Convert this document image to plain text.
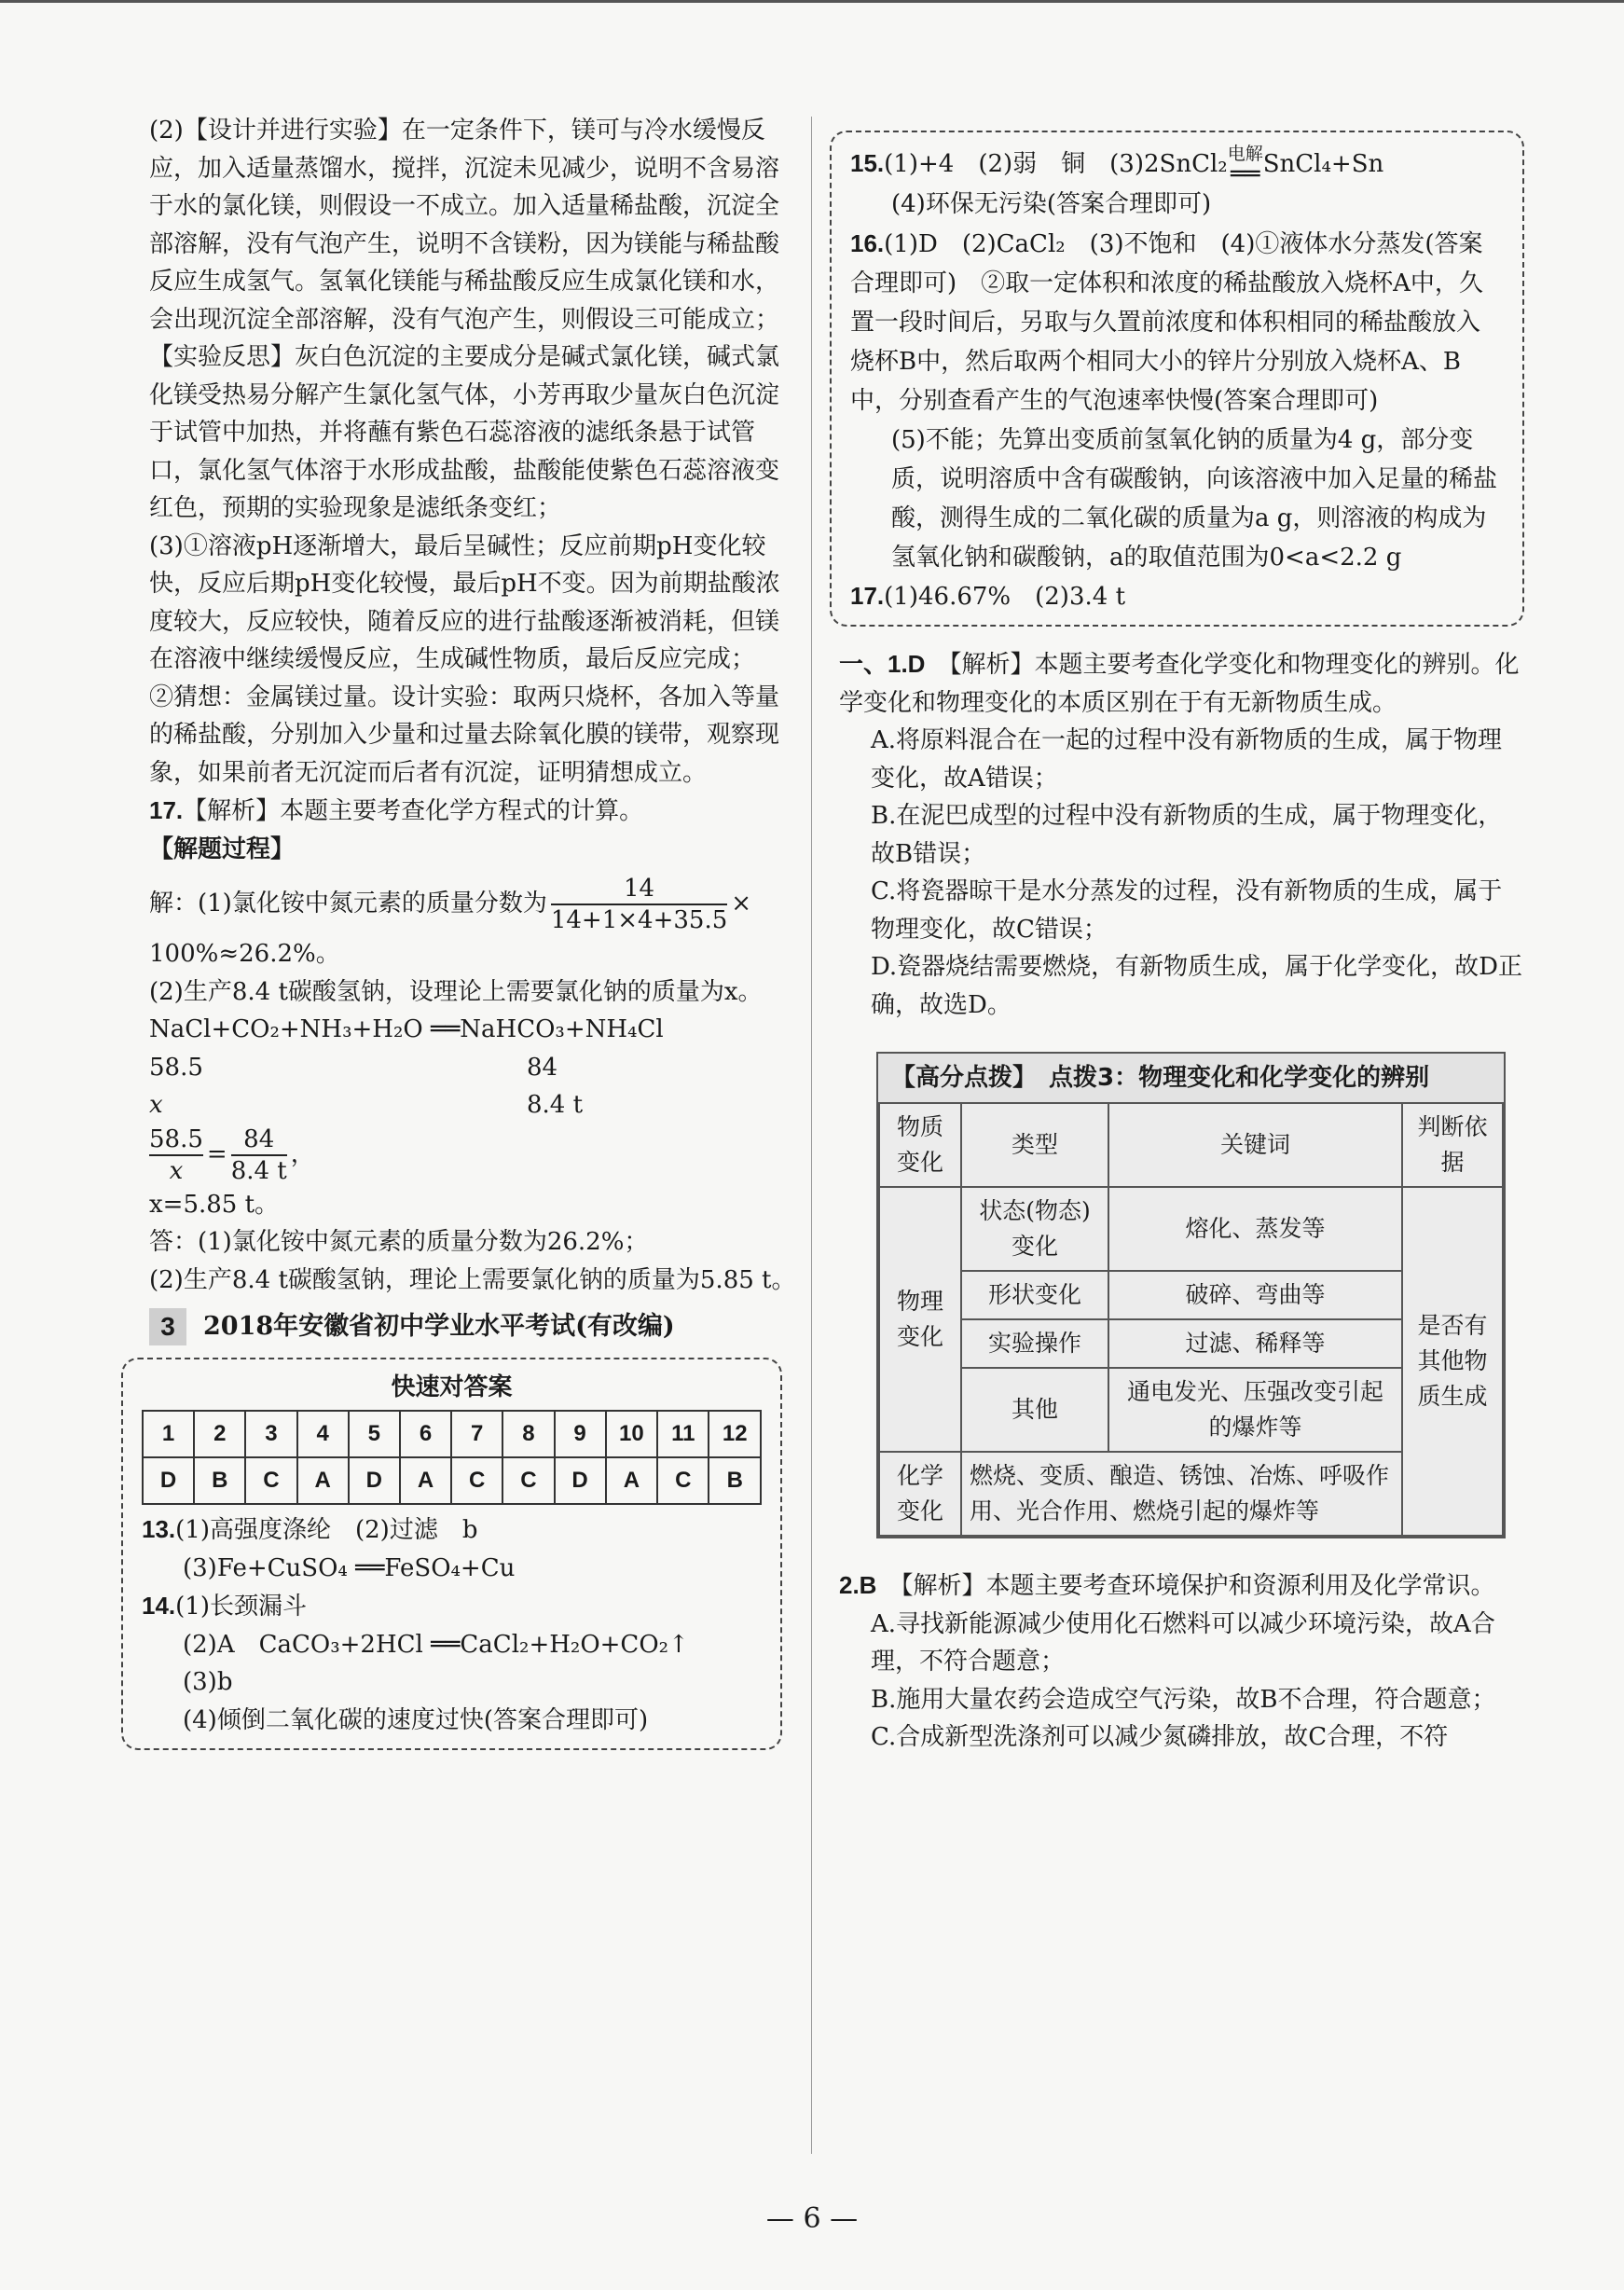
(2)【设计并进行实验】在一定条件下，镁可与冷水缓慢反应，加入适量蒸馏水，搅拌，沉淀未见减少，说明不含易溶于水的氯化镁，则假设一不成立。加入适量稀盐酸，沉淀全部溶解，没有气泡产生，说明不含镁粉，因为镁能与稀盐酸反应生成氢气。氢氧化镁能与稀盐酸反应生成氯化镁和水，会出现沉淀全部溶解，没有气泡产生，则假设三可能成立；

【实验反思】灰白色沉淀的主要成分是碱式氯化镁，碱式氯化镁受热易分解产生氯化氢气体，小芳再取少量灰白色沉淀于试管中加热，并将蘸有紫色石蕊溶液的滤纸条悬于试管口，氯化氢气体溶于水形成盐酸，盐酸能使紫色石蕊溶液变红色，预期的实验现象是滤纸条变红；

(3)①溶液pH逐渐增大，最后呈碱性；反应前期pH变化较快，反应后期pH变化较慢，最后pH不变。因为前期盐酸浓度较大，反应较快，随着反应的进行盐酸逐渐被消耗，但镁在溶液中继续缓慢反应，生成碱性物质，最后反应完成；

②猜想：金属镁过量。设计实验：取两只烧杯，各加入等量的稀盐酸，分别加入少量和过量去除氧化膜的镁带，观察现象，如果前者无沉淀而后者有沉淀，证明猜想成立。

17.【解析】本题主要考查化学方程式的计算。

【解题过程】

解：(1)氯化铵中氮元素的质量分数为 $\frac{14}{14+1\times 4+35.5}$ ×

100%≈26.2%。

(2)生产8.4 t碳酸氢钠，设理论上需要氯化钠的质量为x。

NaCl+CO₂+NH₃+H₂O ══NaHCO₃+NH₄Cl

58.5	84
x	8.4 t
$\frac{58.5}{x} = \frac{84}{8.4 t}$ ，

x=5.85 t。

答：(1)氯化铵中氮元素的质量分数为26.2%；

(2)生产8.4 t碳酸氢钠，理论上需要氯化钠的质量为5.85 t。

3	2018年安徽省初中学业水平考试(有改编)
快速对答案
1	2	3	4	5	6	7	8	9	10	11	12
D	B	C	A	D	A	C	C	D	A	C	B

13.(1)高强度涤纶　(2)过滤　b

(3)Fe+CuSO₄ ══FeSO₄+Cu

14.(1)长颈漏斗

(2)A　CaCO₃+2HCl ══CaCl₂+H₂O+CO₂↑

(3)b

(4)倾倒二氧化碳的速度过快(答案合理即可)

15.(1)+4　(2)弱　铜　(3)2SnCl₂ 电解
══ SnCl₄+Sn

(4)环保无污染(答案合理即可)

16.(1)D　(2)CaCl₂　(3)不饱和　(4)①液体水分蒸发(答案合理即可)　②取一定体积和浓度的稀盐酸放入烧杯A中，久置一段时间后，另取与久置前浓度和体积相同的稀盐酸放入烧杯B中，然后取两个相同大小的锌片分别放入烧杯A、B中，分别查看产生的气泡速率快慢(答案合理即可)

(5)不能；先算出变质前氢氧化钠的质量为4 g，部分变质，说明溶质中含有碳酸钠，向该溶液中加入足量的稀盐酸，测得生成的二氧化碳的质量为a g，则溶液的构成为氢氧化钠和碳酸钠，a的取值范围为0<a<2.2 g

17.(1)46.67%　(2)3.4 t

一、1.D　 【解析】本题主要考查化学变化和物理变化的辨别。化学变化和物理变化的本质区别在于有无新物质生成。

A.将原料混合在一起的过程中没有新物质的生成，属于物理变化，故A错误；

B.在泥巴成型的过程中没有新物质的生成，属于物理变化，故B错误；

C.将瓷器晾干是水分蒸发的过程，没有新物质的生成，属于物理变化，故C错误；

D.瓷器烧结需要燃烧，有新物质生成，属于化学变化，故D正确，故选D。

【高分点拨】　点拨3：物理变化和化学变化的辨别
物质变化	类型	关键词	判断依据
物理变化	状态(物态)变化	熔化、蒸发等	是否有其他物质生成
	形状变化	破碎、弯曲等	
	实验操作	过滤、稀释等	
	其他	通电发光、压强改变引起的爆炸等	
化学变化	燃烧、变质、酿造、锈蚀、冶炼、呼吸作用、光合作用、燃烧引起的爆炸等		

2.B　 【解析】本题主要考查环境保护和资源利用及化学常识。

A.寻找新能源减少使用化石燃料可以减少环境污染，故A合理，不符合题意；

B.施用大量农药会造成空气污染，故B不合理，符合题意；

C.合成新型洗涤剂可以减少氮磷排放，故C合理，不符

— 6 —
